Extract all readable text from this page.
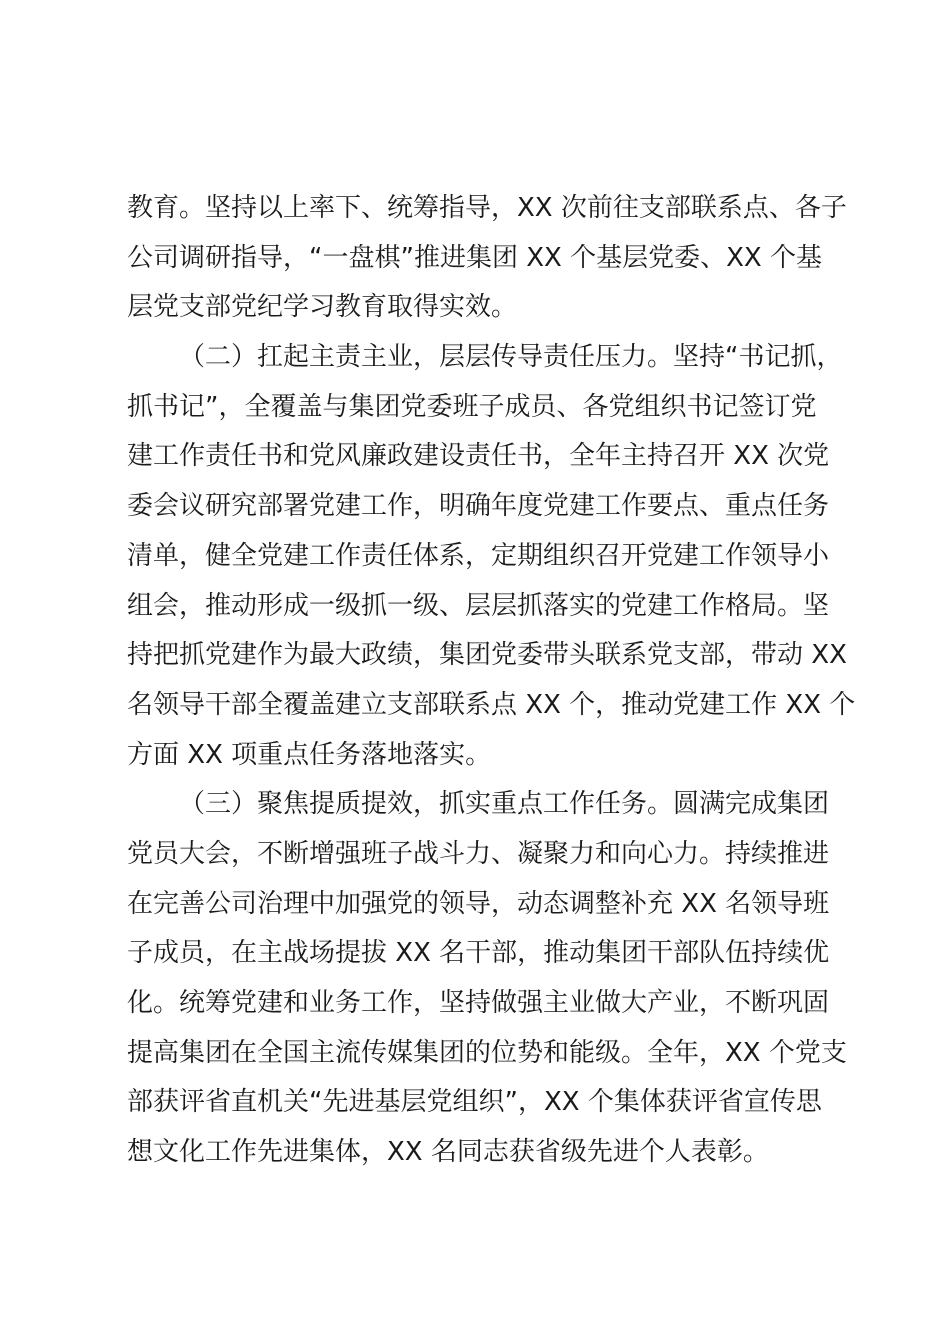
教育。坚持以上率下、统筹指导，XX 次前往支部联系点、各子
公司调研指导，“一盘棋”推进集团 XX 个基层党委、XX 个基
层党支部党纪学习教育取得实效。
（二）扛起主责主业，层层传导责任压力。坚持“书记抓，
抓书记”，全覆盖与集团党委班子成员、各党组织书记签订党
建工作责任书和党风廉政建设责任书，全年主持召开 XX 次党
委会议研究部署党建工作，明确年度党建工作要点、重点任务
清单，健全党建工作责任体系，定期组织召开党建工作领导小
组会，推动形成一级抓一级、层层抓落实的党建工作格局。坚
持把抓党建作为最大政绩，集团党委带头联系党支部，带动 XX
名领导干部全覆盖建立支部联系点 XX 个，推动党建工作 XX 个
方面 XX 项重点任务落地落实。
（三）聚焦提质提效，抓实重点工作任务。圆满完成集团
党员大会，不断增强班子战斗力、凝聚力和向心力。持续推进
在完善公司治理中加强党的领导，动态调整补充 XX 名领导班
子成员，在主战场提拔 XX 名干部，推动集团干部队伍持续优
化。统筹党建和业务工作，坚持做强主业做大产业，不断巩固
提高集团在全国主流传媒集团的位势和能级。全年，XX 个党支
部获评省直机关“先进基层党组织”，XX 个集体获评省宣传思
想文化工作先进集体，XX 名同志获省级先进个人表彰。
